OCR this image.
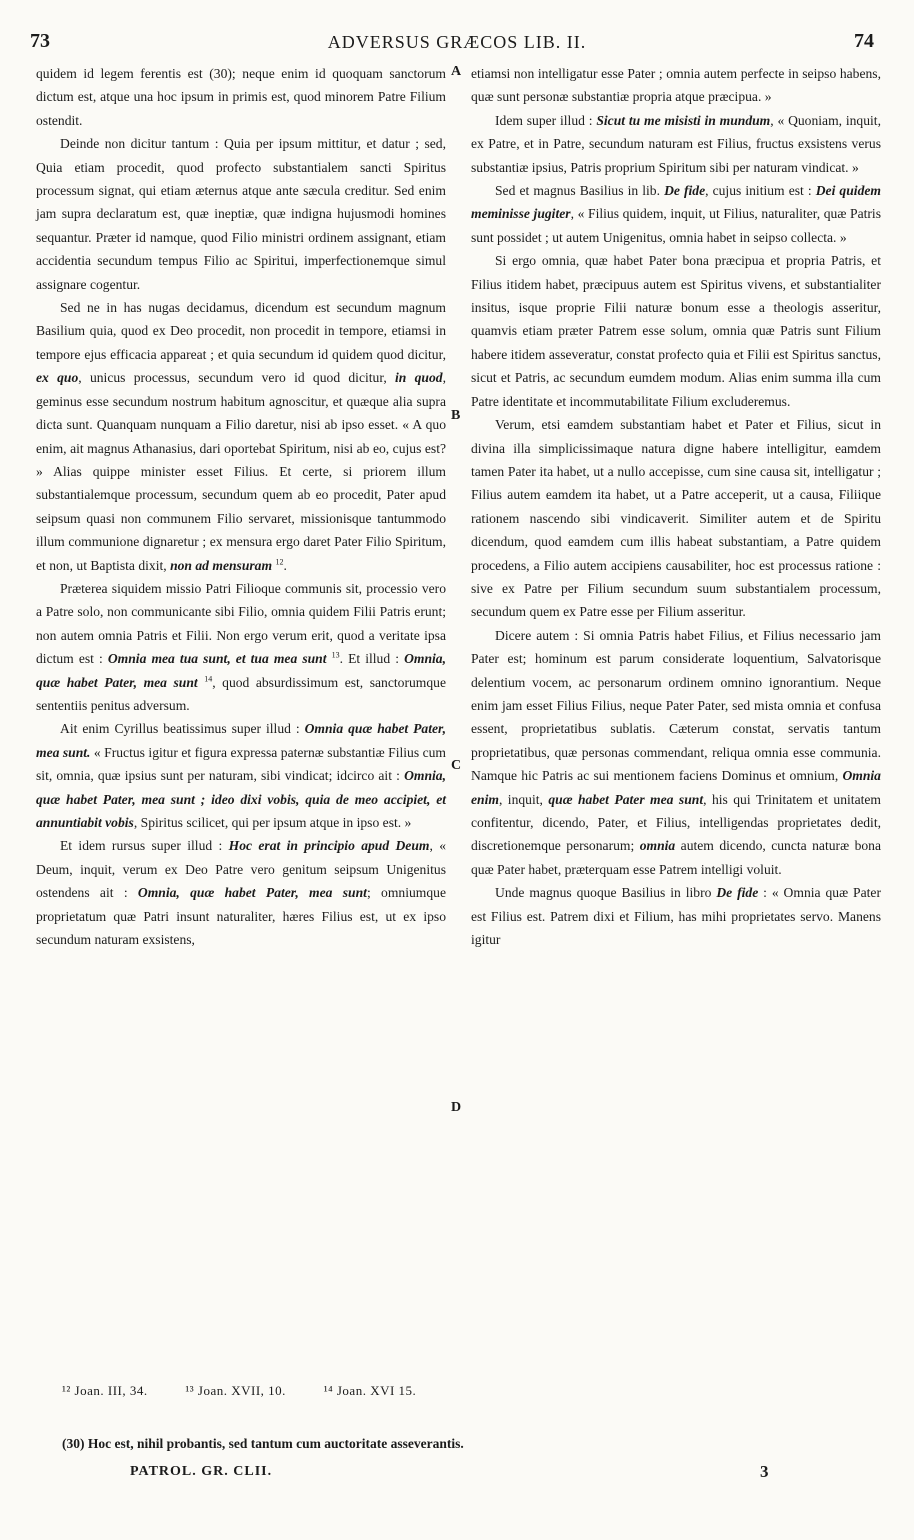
73	ADVERSUS GRÆCOS LIB. II.	74
A
B
C
D

quidem id legem ferentis est (30); neque enim id quoquam sanctorum dictum est, atque una hoc ipsum in primis est, quod minorem Patre Filium ostendit.

Deinde non dicitur tantum : Quia per ipsum mittitur, et datur ; sed, Quia etiam procedit, quod profecto substantialem sancti Spiritus processum signat, qui etiam æternus atque ante sæcula creditur. Sed enim jam supra declaratum est, quæ ineptiæ, quæ indigna hujusmodi homines sequantur. Præter id namque, quod Filio ministri ordinem assignant, etiam accidentia secundum tempus Filio ac Spiritui, imperfectionemque simul assignare cogentur.

Sed ne in has nugas decidamus, dicendum est secundum magnum Basilium quia, quod ex Deo procedit, non procedit in tempore, etiamsi in tempore ejus efficacia appareat ; et quia secundum id quidem quod dicitur, ex quo, unicus processus, secundum vero id quod dicitur, in quod, geminus esse secundum nostrum habitum agnoscitur, et quæque alia supra dicta sunt. Quanquam nunquam a Filio daretur, nisi ab ipso esset. « A quo enim, ait magnus Athanasius, dari oportebat Spiritum, nisi ab eo, cujus est? » Alias quippe minister esset Filius. Et certe, si priorem illum substantialemque processum, secundum quem ab eo procedit, Pater apud seipsum quasi non communem Filio servaret, missionisque tantummodo illum communione dignaretur ; ex mensura ergo daret Pater Filio Spiritum, et non, ut Baptista dixit, non ad mensuram $^{12}$.

Præterea siquidem missio Patri Filioque communis sit, processio vero a Patre solo, non communicante sibi Filio, omnia quidem Filii Patris erunt; non autem omnia Patris et Filii. Non ergo verum erit, quod a veritate ipsa dictum est : Omnia mea tua sunt, et tua mea sunt $^{13}$. Et illud : Omnia, quæ habet Pater, mea sunt $^{14}$, quod absurdissimum est, sanctorumque sententiis penitus adversum.

Ait enim Cyrillus beatissimus super illud : Omnia quæ habet Pater, mea sunt. « Fructus igitur et figura expressa paternæ substantiæ Filius cum sit, omnia, quæ ipsius sunt per naturam, sibi vindicat; idcirco ait : Omnia, quæ habet Pater, mea sunt ; ideo dixi vobis, quia de meo accipiet, et annuntiabit vobis, Spiritus scilicet, qui per ipsum atque in ipso est. »

Et idem rursus super illud : Hoc erat in principio apud Deum, « Deum, inquit, verum ex Deo Patre vero genitum seipsum Unigenitus ostendens ait : Omnia, quæ habet Pater, mea sunt; omniumque proprietatum quæ Patri insunt naturaliter, hæres Filius est, ut ex ipso secundum naturam exsistens,

etiamsi non intelligatur esse Pater ; omnia autem perfecte in seipso habens, quæ sunt personæ substantiæ propria atque præcipua. »

Idem super illud : Sicut tu me misisti in mundum, « Quoniam, inquit, ex Patre, et in Patre, secundum naturam est Filius, fructus exsistens verus substantiæ ipsius, Patris proprium Spiritum sibi per naturam vindicat. »

Sed et magnus Basilius in lib. De fide, cujus initium est : Dei quidem meminisse jugiter, « Filius quidem, inquit, ut Filius, naturaliter, quæ Patris sunt possidet ; ut autem Unigenitus, omnia habet in seipso collecta. »

Si ergo omnia, quæ habet Pater bona præcipua et propria Patris, et Filius itidem habet, præcipuus autem est Spiritus vivens, et substantialiter insitus, isque proprie Filii naturæ bonum esse a theologis asseritur, quamvis etiam præter Patrem esse solum, omnia quæ Patris sunt Filium habere itidem asseveratur, constat profecto quia et Filii est Spiritus sanctus, sicut et Patris, ac secundum eumdem modum. Alias enim summa illa cum Patre identitate et incommutabilitate Filium excluderemus.

Verum, etsi eamdem substantiam habet et Pater et Filius, sicut in divina illa simplicissimaque natura digne habere intelligitur, eamdem tamen Pater ita habet, ut a nullo accepisse, cum sine causa sit, intelligatur ; Filius autem eamdem ita habet, ut a Patre acceperit, ut a causa, Filiique rationem nascendo sibi vindicaverit. Similiter autem et de Spiritu dicendum, quod eamdem cum illis habeat substantiam, a Patre quidem procedens, a Filio autem accipiens causabiliter, hoc est processus ratione : sive ex Patre per Filium secundum suum substantialem processum, secundum quem ex Patre esse per Filium asseritur.

Dicere autem : Si omnia Patris habet Filius, et Filius necessario jam Pater est; hominum est parum considerate loquentium, Salvatorisque delentium vocem, ac personarum ordinem omnino ignorantium. Neque enim jam esset Filius Filius, neque Pater Pater, sed mista omnia et confusa essent, proprietatibus sublatis. Cæterum constat, servatis tantum proprietatibus, quæ personas commendant, reliqua omnia esse communia. Namque hic Patris ac sui mentionem faciens Dominus et omnium, Omnia enim, inquit, quæ habet Pater mea sunt, his qui Trinitatem et unitatem confitentur, dicendo, Pater, et Filius, intelligendas proprietates dedit, discretionemque personarum; omnia autem dicendo, cuncta naturæ bona quæ Pater habet, præterquam esse Patrem intelligi voluit.

Unde magnus quoque Basilius in libro De fide : « Omnia quæ Pater est Filius est. Patrem dixi et Filium, has mihi proprietates servo. Manens igitur

¹² Joan. III, 34.	¹³ Joan. XVII, 10.	¹⁴ Joan. XVI 15.
(30) Hoc est, nihil probantis, sed tantum cum auctoritate asseverantis.
PATROL. GR. CLII.	3
